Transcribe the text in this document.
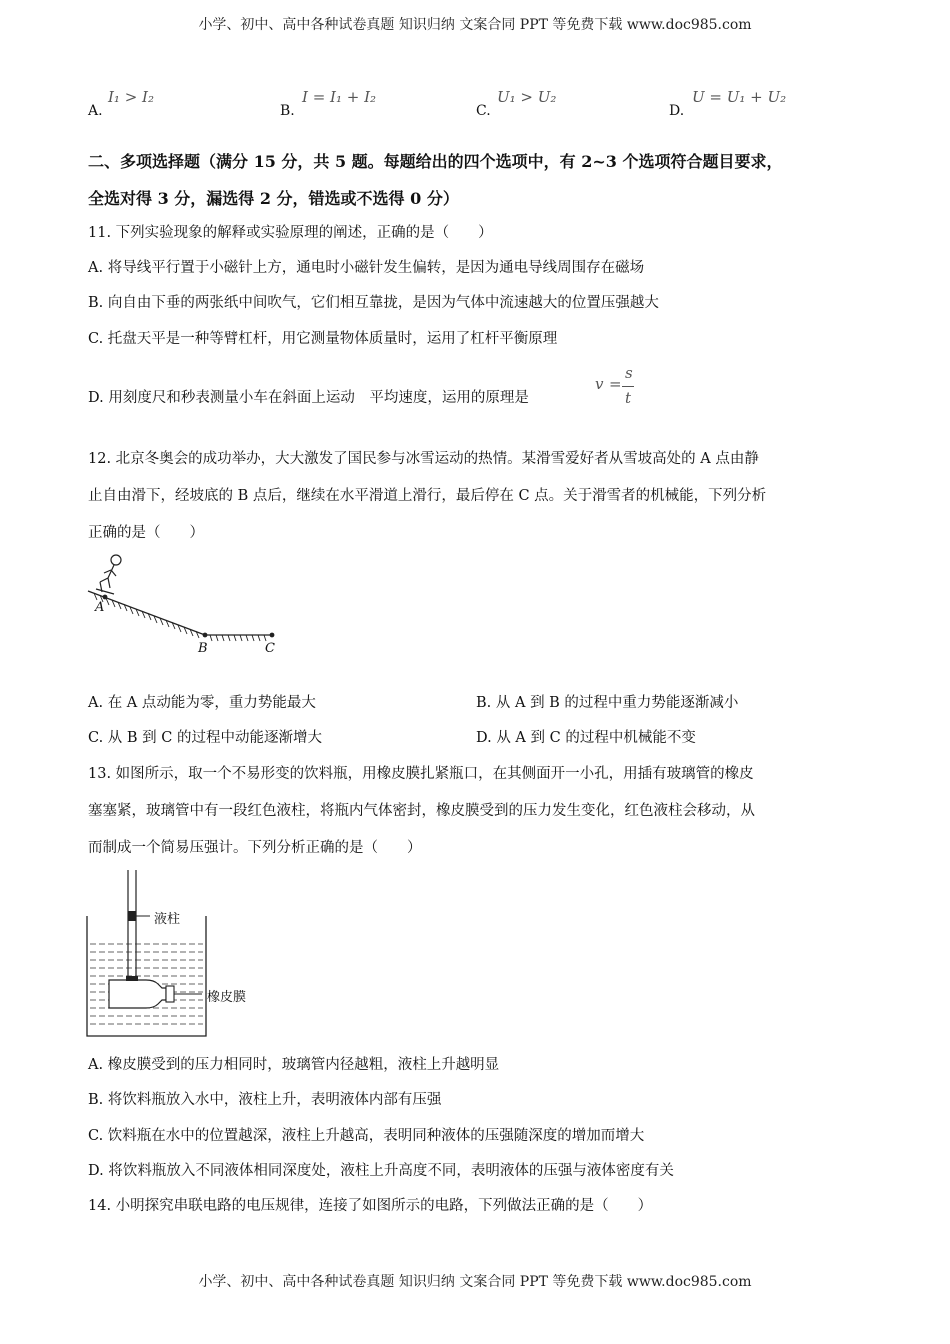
小学、初中、高中各种试卷真题 知识归纳 文案合同 PPT 等免费下载 www.doc985.com
A.
I₁ > I₂
B.
I = I₁ + I₂
C.
U₁ > U₂
D.
U = U₁ + U₂
二、多项选择题（满分 15 分，共 5 题。每题给出的四个选项中，有 2~3 个选项符合题目要求，
全选对得 3 分，漏选得 2 分，错选或不选得 0 分）
11. 下列实验现象的解释或实验原理的阐述，正确的是（　　）
A. 将导线平行置于小磁针上方，通电时小磁针发生偏转，是因为通电导线周围存在磁场
B. 向自由下垂的两张纸中间吹气，它们相互靠拢，是因为气体中流速越大的位置压强越大
C. 托盘天平是一种等臂杠杆，用它测量物体质量时，运用了杠杆平衡原理
D. 用刻度尺和秒表测量小车在斜面上运动　平均速度，运用的原理是
v =
s
t
12. 北京冬奥会的成功举办，大大激发了国民参与冰雪运动的热情。某滑雪爱好者从雪坡高处的 A 点由静
止自由滑下，经坡底的 B 点后，继续在水平滑道上滑行，最后停在 C 点。关于滑雪者的机械能，下列分析
正确的是（　　）
A
B	C
A. 在 A 点动能为零，重力势能最大	B. 从 A 到 B 的过程中重力势能逐渐减小
C. 从 B 到 C 的过程中动能逐渐增大	D. 从 A 到 C 的过程中机械能不变
13. 如图所示，取一个不易形变的饮料瓶，用橡皮膜扎紧瓶口，在其侧面开一小孔，用插有玻璃管的橡皮
塞塞紧，玻璃管中有一段红色液柱，将瓶内气体密封，橡皮膜受到的压力发生变化，红色液柱会移动，从
而制成一个简易压强计。下列分析正确的是（　　）
液柱
橡皮膜
A. 橡皮膜受到的压力相同时，玻璃管内径越粗，液柱上升越明显
B. 将饮料瓶放入水中，液柱上升，表明液体内部有压强
C. 饮料瓶在水中的位置越深，液柱上升越高，表明同种液体的压强随深度的增加而增大
D. 将饮料瓶放入不同液体相同深度处，液柱上升高度不同，表明液体的压强与液体密度有关
14. 小明探究串联电路的电压规律，连接了如图所示的电路，下列做法正确的是（　　）
小学、初中、高中各种试卷真题 知识归纳 文案合同 PPT 等免费下载 www.doc985.com
